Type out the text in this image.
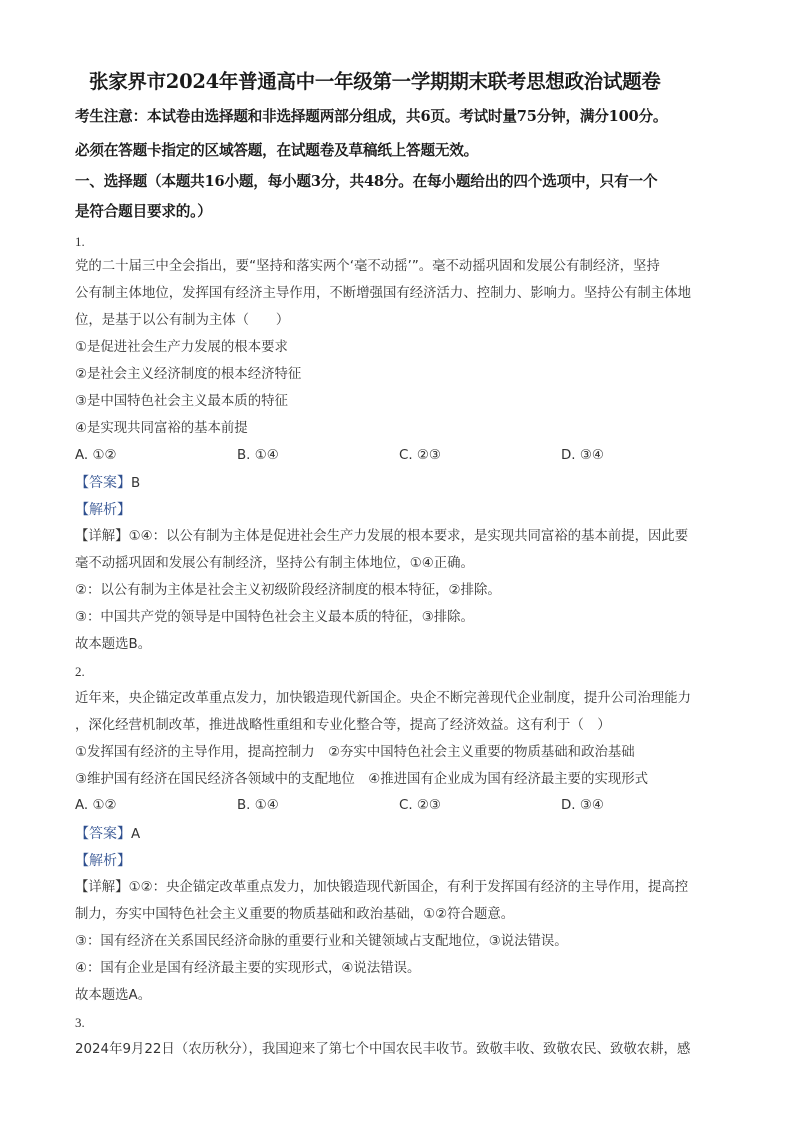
张家界市2024年普通高中一年级第一学期期末联考思想政治试题卷
考生注意：本试卷由选择题和非选择题两部分组成，共6页。考试时量75分钟，满分100分。
必须在答题卡指定的区域答题，在试题卷及草稿纸上答题无效。
一、选择题（本题共16小题，每小题3分，共48分。在每小题给出的四个选项中，只有一个
是符合题目要求的。）
1.
党的二十届三中全会指出，要“坚持和落实两个‘毫不动摇’”。毫不动摇巩固和发展公有制经济，坚持
公有制主体地位，发挥国有经济主导作用，不断增强国有经济活力、控制力、影响力。坚持公有制主体地
位，是基于以公有制为主体（　　）
①是促进社会生产力发展的根本要求
②是社会主义经济制度的根本经济特征
③是中国特色社会主义最本质的特征
④是实现共同富裕的基本前提
A. ①②	B. ①④	C. ②③	D. ③④
【答案】B
【解析】
【详解】①④：以公有制为主体是促进社会生产力发展的根本要求，是实现共同富裕的基本前提，因此要
毫不动摇巩固和发展公有制经济，坚持公有制主体地位，①④正确。
②：以公有制为主体是社会主义初级阶段经济制度的根本特征，②排除。
③：中国共产党的领导是中国特色社会主义最本质的特征，③排除。
故本题选B。
2.
近年来，央企锚定改革重点发力，加快锻造现代新国企。央企不断完善现代企业制度，提升公司治理能力
，深化经营机制改革，推进战略性重组和专业化整合等，提高了经济效益。这有利于（　）
①发挥国有经济的主导作用，提高控制力　②夯实中国特色社会主义重要的物质基础和政治基础
③维护国有经济在国民经济各领域中的支配地位　④推进国有企业成为国有经济最主要的实现形式
A. ①②	B. ①④	C. ②③	D. ③④
【答案】A
【解析】
【详解】①②：央企锚定改革重点发力，加快锻造现代新国企，有利于发挥国有经济的主导作用，提高控
制力，夯实中国特色社会主义重要的物质基础和政治基础，①②符合题意。
③：国有经济在关系国民经济命脉的重要行业和关键领域占支配地位，③说法错误。
④：国有企业是国有经济最主要的实现形式，④说法错误。
故本题选A。
3.
2024年9月22日（农历秋分），我国迎来了第七个中国农民丰收节。致敬丰收、致敬农民、致敬农耕，感
